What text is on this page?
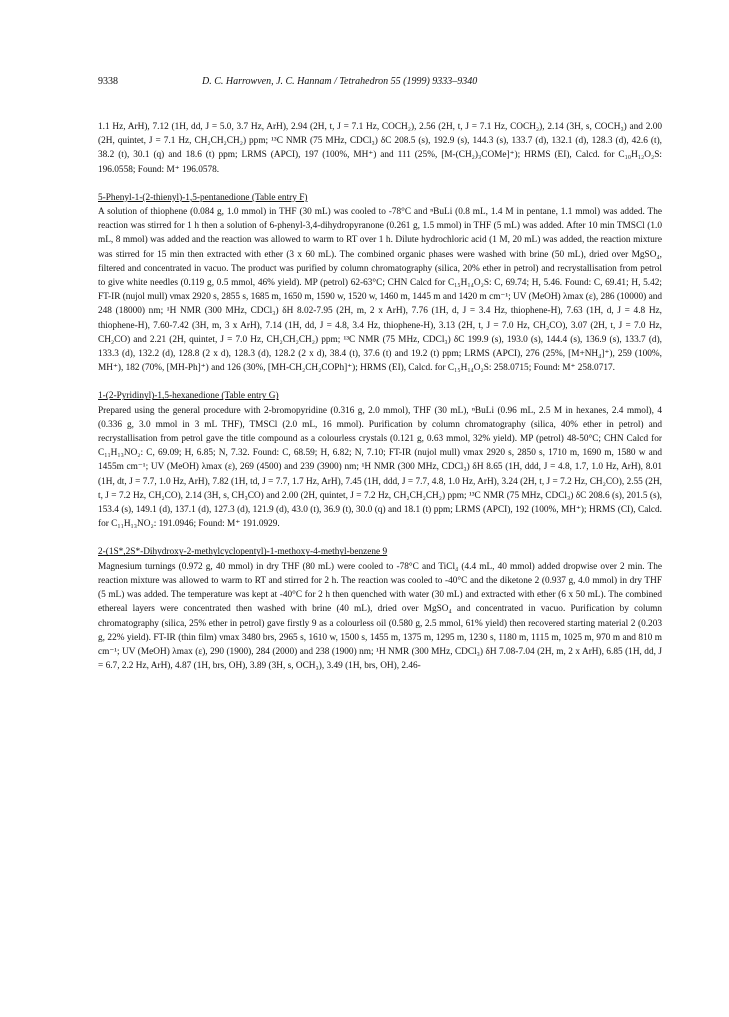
9338	D. C. Harrowven, J. C. Hannam / Tetrahedron 55 (1999) 9333–9340

1.1 Hz, ArH), 7.12 (1H, dd, J = 5.0, 3.7 Hz, ArH), 2.94 (2H, t, J = 7.1 Hz, COCH₂), 2.56 (2H, t, J = 7.1 Hz, COCH₂), 2.14 (3H, s, COCH₃) and 2.00 (2H, quintet, J = 7.1 Hz, CH₂CH₂CH₂) ppm; ¹³C NMR (75 MHz, CDCl₃) δC 208.5 (s), 192.9 (s), 144.3 (s), 133.7 (d), 132.1 (d), 128.3 (d), 42.6 (t), 38.2 (t), 30.1 (q) and 18.6 (t) ppm; LRMS (APCI), 197 (100%, MH⁺) and 111 (25%, [M-(CH₂)₃COMe]⁺); HRMS (EI), Calcd. for C₁₀H₁₂O₂S: 196.0558; Found: M⁺ 196.0578.

5-Phenyl-1-(2-thienyl)-1,5-pentanedione (Table entry F)

A solution of thiophene (0.084 g, 1.0 mmol) in THF (30 mL) was cooled to -78°C and ⁿBuLi (0.8 mL, 1.4 M in pentane, 1.1 mmol) was added. The reaction was stirred for 1 h then a solution of 6-phenyl-3,4-dihydropyranone (0.261 g, 1.5 mmol) in THF (5 mL) was added. After 10 min TMSCl (1.0 mL, 8 mmol) was added and the reaction was allowed to warm to RT over 1 h. Dilute hydrochloric acid (1 M, 20 mL) was added, the reaction mixture was stirred for 15 min then extracted with ether (3 x 60 mL). The combined organic phases were washed with brine (50 mL), dried over MgSO₄, filtered and concentrated in vacuo. The product was purified by column chromatography (silica, 20% ether in petrol) and recrystallisation from petrol to give white needles (0.119 g, 0.5 mmol, 46% yield). MP (petrol) 62-63°C; CHN Calcd for C₁₅H₁₄O₂S: C, 69.74; H, 5.46. Found: C, 69.41; H, 5.42; FT-IR (nujol mull) νmax 2920 s, 2855 s, 1685 m, 1650 m, 1590 w, 1520 w, 1460 m, 1445 m and 1420 m cm⁻¹; UV (MeOH) λmax (ε), 286 (10000) and 248 (18000) nm; ¹H NMR (300 MHz, CDCl₃) δH 8.02-7.95 (2H, m, 2 x ArH), 7.76 (1H, d, J = 3.4 Hz, thiophene-H), 7.63 (1H, d, J = 4.8 Hz, thiophene-H), 7.60-7.42 (3H, m, 3 x ArH), 7.14 (1H, dd, J = 4.8, 3.4 Hz, thiophene-H), 3.13 (2H, t, J = 7.0 Hz, CH₂CO), 3.07 (2H, t, J = 7.0 Hz, CH₂CO) and 2.21 (2H, quintet, J = 7.0 Hz, CH₂CH₂CH₂) ppm; ¹³C NMR (75 MHz, CDCl₃) δC 199.9 (s), 193.0 (s), 144.4 (s), 136.9 (s), 133.7 (d), 133.3 (d), 132.2 (d), 128.8 (2 x d), 128.3 (d), 128.2 (2 x d), 38.4 (t), 37.6 (t) and 19.2 (t) ppm; LRMS (APCI), 276 (25%, [M+NH₄]⁺), 259 (100%, MH⁺), 182 (70%, [MH-Ph]⁺) and 126 (30%, [MH-CH₂CH₂COPh]⁺); HRMS (EI), Calcd. for C₁₅H₁₄O₂S: 258.0715; Found: M⁺ 258.0717.

1-(2-Pyridinyl)-1,5-hexanedione (Table entry G)

Prepared using the general procedure with 2-bromopyridine (0.316 g, 2.0 mmol), THF (30 mL), ⁿBuLi (0.96 mL, 2.5 M in hexanes, 2.4 mmol), 4 (0.336 g, 3.0 mmol in 3 mL THF), TMSCl (2.0 mL, 16 mmol). Purification by column chromatography (silica, 40% ether in petrol) and recrystallisation from petrol gave the title compound as a colourless crystals (0.121 g, 0.63 mmol, 32% yield). MP (petrol) 48-50°C; CHN Calcd for C₁₁H₁₃NO₂: C, 69.09; H, 6.85; N, 7.32. Found: C, 68.59; H, 6.82; N, 7.10; FT-IR (nujol mull) νmax 2920 s, 2850 s, 1710 m, 1690 m, 1580 w and 1455m cm⁻¹; UV (MeOH) λmax (ε), 269 (4500) and 239 (3900) nm; ¹H NMR (300 MHz, CDCl₃) δH 8.65 (1H, ddd, J = 4.8, 1.7, 1.0 Hz, ArH), 8.01 (1H, dt, J = 7.7, 1.0 Hz, ArH), 7.82 (1H, td, J = 7.7, 1.7 Hz, ArH), 7.45 (1H, ddd, J = 7.7, 4.8, 1.0 Hz, ArH), 3.24 (2H, t, J = 7.2 Hz, CH₂CO), 2.55 (2H, t, J = 7.2 Hz, CH₂CO), 2.14 (3H, s, CH₃CO) and 2.00 (2H, quintet, J = 7.2 Hz, CH₂CH₂CH₂) ppm; ¹³C NMR (75 MHz, CDCl₃) δC 208.6 (s), 201.5 (s), 153.4 (s), 149.1 (d), 137.1 (d), 127.3 (d), 121.9 (d), 43.0 (t), 36.9 (t), 30.0 (q) and 18.1 (t) ppm; LRMS (APCI), 192 (100%, MH⁺); HRMS (CI), Calcd. for C₁₁H₁₃NO₂: 191.0946; Found: M⁺ 191.0929.

2-(1S*,2S*-Dihydroxy-2-methylcyclopentyl)-1-methoxy-4-methyl-benzene 9

Magnesium turnings (0.972 g, 40 mmol) in dry THF (80 mL) were cooled to -78°C and TiCl₄ (4.4 mL, 40 mmol) added dropwise over 2 min. The reaction mixture was allowed to warm to RT and stirred for 2 h. The reaction was cooled to -40°C and the diketone 2 (0.937 g, 4.0 mmol) in dry THF (5 mL) was added. The temperature was kept at -40°C for 2 h then quenched with water (30 mL) and extracted with ether (6 x 50 mL). The combined ethereal layers were concentrated then washed with brine (40 mL), dried over MgSO₄ and concentrated in vacuo. Purification by column chromatography (silica, 25% ether in petrol) gave firstly 9 as a colourless oil (0.580 g, 2.5 mmol, 61% yield) then recovered starting material 2 (0.203 g, 22% yield). FT-IR (thin film) νmax 3480 brs, 2965 s, 1610 w, 1500 s, 1455 m, 1375 m, 1295 m, 1230 s, 1180 m, 1115 m, 1025 m, 970 m and 810 m cm⁻¹; UV (MeOH) λmax (ε), 290 (1900), 284 (2000) and 238 (1900) nm; ¹H NMR (300 MHz, CDCl₃) δH 7.08-7.04 (2H, m, 2 x ArH), 6.85 (1H, dd, J = 6.7, 2.2 Hz, ArH), 4.87 (1H, brs, OH), 3.89 (3H, s, OCH₃), 3.49 (1H, brs, OH), 2.46-
